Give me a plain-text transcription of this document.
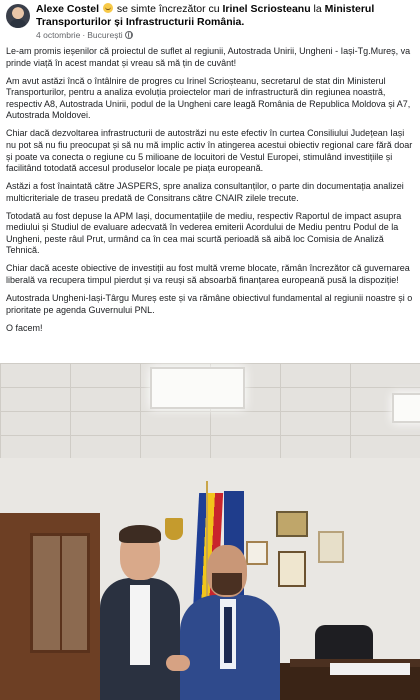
Alexe Costel se simte încrezător cu Irinel Scriosteanu la Ministerul Transporturilor și Infrastructurii România.
4 octombrie · București

Le-am promis ieșenilor că proiectul de suflet al regiunii, Autostrada Unirii, Ungheni - Iași-Tg.Mureș, va prinde viață în acest mandat și vreau să mă țin de cuvânt!

Am avut astăzi încă o întâlnire de progres cu Irinel Scrioșteanu, secretarul de stat din Ministerul Transporturilor, pentru a analiza evoluția proiectelor mari de infrastructură din regiunea noastră, respectiv A8, Autostrada Unirii, podul de la Ungheni care leagă România de Republica Moldova și A7, Autostrada Moldovei.

Chiar dacă dezvoltarea infrastructurii de autostrăzi nu este efectiv în curtea Consiliului Județean Iași nu pot să nu fiu preocupat și să nu mă implic activ în atingerea acestui obiectiv regional care fără doar și poate va conecta o regiune cu 5 milioane de locuitori de Vestul Europei, stimulând investițiile și facilitând totodată accesul produselor locale pe piața europeană.

Astăzi a fost înaintată către JASPERS, spre analiza consultanților, o parte din documentația analizei multicriteriale de traseu predată de Consitrans către CNAIR zilele trecute.

Totodată au fost depuse la APM Iași, documentațiile de mediu, respectiv Raportul de impact asupra mediului și Studiul de evaluare adecvată în vederea emiterii Acordului de Mediu pentru Podul de la Ungheni, peste râul Prut, urmând ca în cea mai scurtă perioadă să aibă loc Comisia de Analiză Tehnică.

Chiar dacă aceste obiective de investiții au fost multă vreme blocate, rămân încrezător că guvernarea liberală va recupera timpul pierdut și va reuși să absoarbă finanțarea europeană pusă la dispoziție!

Autostrada Ungheni-Iași-Târgu Mureș este și va rămâne obiectivul fundamental al regiunii noastre și o prioritate pe agenda Guvernului PNL.

O facem!
